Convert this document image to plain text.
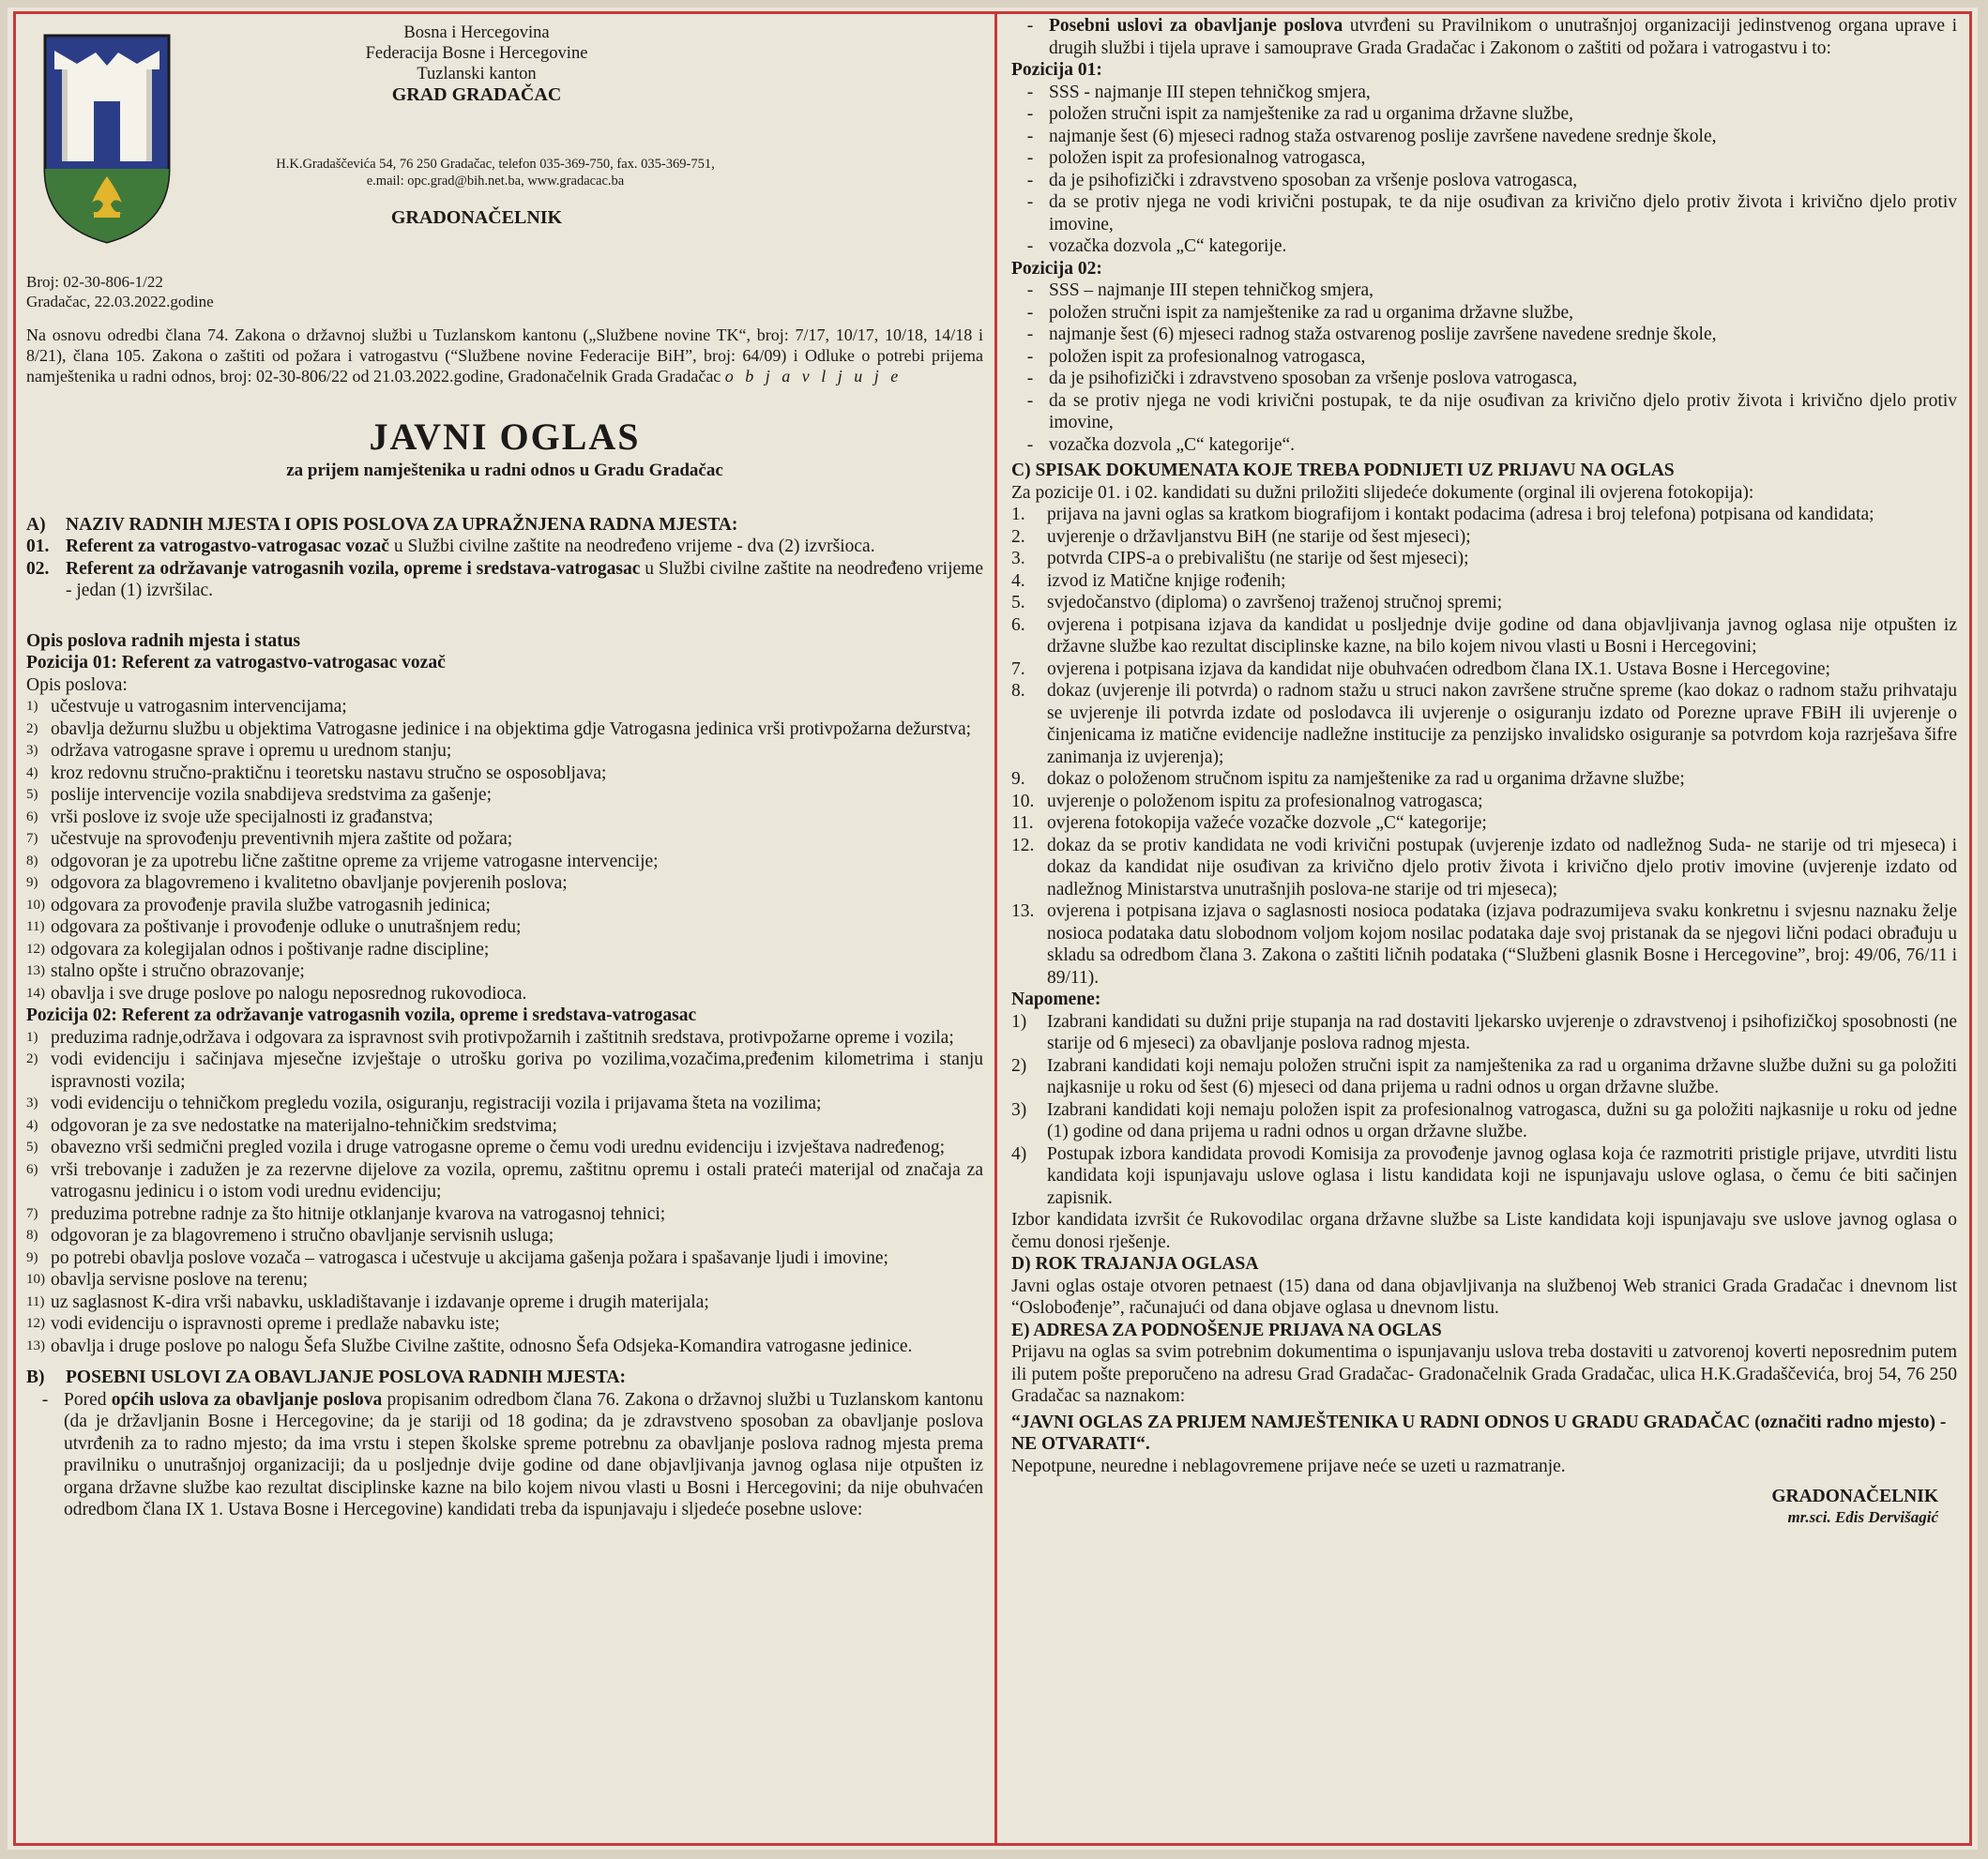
Bosna i Hercegovina
Federacija Bosne i Hercegovine
Tuzlanski kanton
GRAD GRADAČAC
H.K.Gradaščevića 54, 76 250 Gradačac, telefon 035-369-750, fax. 035-369-751,
e.mail: opc.grad@bih.net.ba, www.gradacac.ba
GRADONAČELNIK
Broj: 02-30-806-1/22
Gradačac, 22.03.2022.godine
Na osnovu odredbi člana 74. Zakona o državnoj službi u Tuzlanskom kantonu („Službene novine TK“, broj: 7/17, 10/17, 10/18, 14/18 i 8/21), člana 105. Zakona o zaštiti od požara i vatrogastvu (“Službene novine Federacije BiH”, broj: 64/09) i Odluke o potrebi prijema namještenika u radni odnos, broj: 02-30-806/22 od 21.03.2022.godine, Gradonačelnik Grada Gradačac o b j a v l j u j e
JAVNI OGLAS
za prijem namještenika u radni odnos u Gradu Gradačac
A) NAZIV RADNIH MJESTA I OPIS POSLOVA ZA UPRAŽNJENA RADNA MJESTA:
01. Referent za vatrogastvo-vatrogasac vozač u Službi civilne zaštite na neodređeno vrijeme - dva (2) izvršioca.
02. Referent za održavanje vatrogasnih vozila, opreme i sredstava-vatrogasac u Službi civilne zaštite na neodređeno vrijeme - jedan (1) izvršilac.
Opis poslova radnih mjesta i status
Pozicija 01: Referent za vatrogastvo-vatrogasac vozač
Opis poslova:
1) učestvuje u vatrogasnim intervencijama;
2) obavlja dežurnu službu u objektima Vatrogasne jedinice i na objektima gdje Vatrogasna jedinica vrši protivpožarna dežurstva;
3) održava vatrogasne sprave i opremu u urednom stanju;
4) kroz redovnu stručno-praktičnu i teoretsku nastavu stručno se osposobljava;
5) poslije intervencije vozila snabdijeva sredstvima za gašenje;
6) vrši poslove iz svoje uže specijalnosti iz građanstva;
7) učestvuje na sprovođenju preventivnih mjera zaštite od požara;
8) odgovoran je za upotrebu lične zaštitne opreme za vrijeme vatrogasne intervencije;
9) odgovora za blagovremeno i kvalitetno obavljanje povjerenih poslova;
10) odgovara za provođenje pravila službe vatrogasnih jedinica;
11) odgovara za poštivanje i provođenje odluke o unutrašnjem redu;
12) odgovara za kolegijalan odnos i poštivanje radne discipline;
13) stalno opšte i stručno obrazovanje;
14) obavlja i sve druge poslove po nalogu neposrednog rukovodioca.
Pozicija 02: Referent za održavanje vatrogasnih vozila, opreme i sredstava-vatrogasac
1) preduzima radnje,održava i odgovara za ispravnost svih protivpožarnih i zaštitnih sredstava, protivpožarne opreme i vozila;
2) vodi evidenciju i sačinjava mjesečne izvještaje o utrošku goriva po vozilima,vozačima,pređenim kilometrima i stanju ispravnosti vozila;
3) vodi evidenciju o tehničkom pregledu vozila, osiguranju, registraciji vozila i prijavama šteta na vozilima;
4) odgovoran je za sve nedostatke na materijalno-tehničkim sredstvima;
5) obavezno vrši sedmični pregled vozila i druge vatrogasne opreme o čemu vodi urednu evidenciju i izvještava nadređenog;
6) vrši trebovanje i zadužen je za rezervne dijelove za vozila, opremu, zaštitnu opremu i ostali prateći materijal od značaja za vatrogasnu jedinicu i o istom vodi urednu evidenciju;
7) preduzima potrebne radnje za što hitnije otklanjanje kvarova na vatrogasnoj tehnici;
8) odgovoran je za blagovremeno i stručno obavljanje servisnih usluga;
9) po potrebi obavlja poslove vozača – vatrogasca i učestvuje u akcijama gašenja požara i spašavanje ljudi i imovine;
10) obavlja servisne poslove na terenu;
11) uz saglasnost K-dira vrši nabavku, uskladištavanje i izdavanje opreme i drugih materijala;
12) vodi evidenciju o ispravnosti opreme i predlaže nabavku iste;
13) obavlja i druge poslove po nalogu Šefa Službe Civilne zaštite, odnosno Šefa Odsjeka-Komandira vatrogasne jedinice.
B) POSEBNI USLOVI ZA OBAVLJANJE POSLOVA RADNIH MJESTA:
- Pored općih uslova za obavljanje poslova propisanim odredbom člana 76. Zakona o državnoj službi u Tuzlanskom kantonu (da je državljanin Bosne i Hercegovine; da je stariji od 18 godina; da je zdravstveno sposoban za obavljanje poslova utvrđenih za to radno mjesto; da ima vrstu i stepen školske spreme potrebnu za obavljanje poslova radnog mjesta prema pravilniku o unutrašnjoj organizaciji; da u posljednje dvije godine od dane objavljivanja javnog oglasa nije otpušten iz organa državne službe kao rezultat disciplinske kazne na bilo kojem nivou vlasti u Bosni i Hercegovini; da nije obuhvaćen odredbom člana IX 1. Ustava Bosne i Hercegovine) kandidati treba da ispunjavaju i sljedeće posebne uslove:
- Posebni uslovi za obavljanje poslova utvrđeni su Pravilnikom o unutrašnjoj organizaciji jedinstvenog organa uprave i drugih službi i tijela uprave i samouprave Grada Gradačac i Zakonom o zaštiti od požara i vatrogastvu i to:
Pozicija 01:
- SSS - najmanje III stepen tehničkog smjera,
- položen stručni ispit za namještenike za rad u organima državne službe,
- najmanje šest (6) mjeseci radnog staža ostvarenog poslije završene navedene srednje škole,
- položen ispit za profesionalnog vatrogasca,
- da je psihofizički i zdravstveno sposoban za vršenje poslova vatrogasca,
- da se protiv njega ne vodi krivični postupak, te da nije osuđivan za krivično djelo protiv života i krivično djelo protiv imovine,
- vozačka dozvola „C“ kategorije.
Pozicija 02:
- SSS – najmanje III stepen tehničkog smjera,
- položen stručni ispit za namještenike za rad u organima državne službe,
- najmanje šest (6) mjeseci radnog staža ostvarenog poslije završene navedene srednje škole,
- položen ispit za profesionalnog vatrogasca,
- da je psihofizički i zdravstveno sposoban za vršenje poslova vatrogasca,
- da se protiv njega ne vodi krivični postupak, te da nije osuđivan za krivično djelo protiv života i krivično djelo protiv imovine,
- vozačka dozvola „C“ kategorije“.
C) SPISAK DOKUMENATA KOJE TREBA PODNIJETI UZ PRIJAVU NA OGLAS
Za pozicije 01. i 02. kandidati su dužni priložiti slijedeće dokumente (orginal ili ovjerena fotokopija):
1.	prijava na javni oglas sa kratkom biografijom i kontakt podacima (adresa i broj telefona) potpisana od kandidata;
2.	uvjerenje o državljanstvu BiH (ne starije od šest mjeseci);
3.	potvrda CIPS-a o prebivalištu (ne starije od šest mjeseci);
4.	izvod iz Matične knjige rođenih;
5.	svjedočanstvo (diploma) o završenoj traženoj stručnoj spremi;
6.	ovjerena i potpisana izjava da kandidat u posljednje dvije godine od dana objavljivanja javnog oglasa nije otpušten iz državne službe kao rezultat disciplinske kazne, na bilo kojem nivou vlasti u Bosni i Hercegovini;
7.	ovjerena i potpisana izjava da kandidat nije obuhvaćen odredbom člana IX.1. Ustava Bosne i Hercegovine;
8.	dokaz (uvjerenje ili potvrda) o radnom stažu u struci nakon završene stručne spreme (kao dokaz o radnom stažu prihvataju se uvjerenje ili potvrda izdate od poslodavca ili uvjerenje o osiguranju izdato od Porezne uprave FBiH ili uvjerenje o činjenicama iz matične evidencije nadležne institucije za penzijsko invalidsko osiguranje sa potvrdom koja razrješava šifre zanimanja iz uvjerenja);
9.	dokaz o položenom stručnom ispitu za namještenike za rad u organima državne službe;
10. uvjerenje o položenom ispitu za profesionalnog vatrogasca;
11. ovjerena fotokopija važeće vozačke dozvole „C“ kategorije;
12. dokaz da se protiv kandidata ne vodi krivični postupak (uvjerenje izdato od nadležnog Suda- ne starije od tri mjeseca) i dokaz da kandidat nije osuđivan za krivično djelo protiv života i krivično djelo protiv imovine (uvjerenje izdato od nadležnog Ministarstva unutrašnjih poslova-ne starije od tri mjeseca);
13. ovjerena i potpisana izjava o saglasnosti nosioca podataka (izjava podrazumijeva svaku konkretnu i svjesnu naznaku želje nosioca podataka datu slobodnom voljom kojom nosilac podataka daje svoj pristanak da se njegovi lični podaci obrađuju u skladu sa odredbom člana 3. Zakona o zaštiti ličnih podataka (“Službeni glasnik Bosne i Hercegovine”, broj: 49/06, 76/11 i 89/11).
Napomene:
1)	Izabrani kandidati su dužni prije stupanja na rad dostaviti ljekarsko uvjerenje o zdravstvenoj i psihofizičkoj sposobnosti (ne starije od 6 mjeseci) za obavljanje poslova radnog mjesta.
2)	Izabrani kandidati koji nemaju položen stručni ispit za namještenika za rad u organima državne službe dužni su ga položiti najkasnije u roku od šest (6) mjeseci od dana prijema u radni odnos u organ državne službe.
3)	Izabrani kandidati koji nemaju položen ispit za profesionalnog vatrogasca, dužni su ga položiti najkasnije u roku od jedne (1) godine od dana prijema u radni odnos u organ državne službe.
4)	Postupak izbora kandidata provodi Komisija za provođenje javnog oglasa koja će razmotriti pristigle prijave, utvrditi listu kandidata koji ispunjavaju uslove oglasa i listu kandidata koji ne ispunjavaju uslove oglasa, o čemu će biti sačinjen zapisnik.
Izbor kandidata izvršit će Rukovodilac organa državne službe sa Liste kandidata koji ispunjavaju sve uslove javnog oglasa o čemu donosi rješenje.
D) ROK TRAJANJA OGLASA
Javni oglas ostaje otvoren petnaest (15) dana od dana objavljivanja na službenoj Web stranici Grada Gradačac i dnevnom list “Oslobođenje”, računajući od dana objave oglasa u dnevnom listu.
E) ADRESA ZA PODNOŠENJE PRIJAVA NA OGLAS
Prijavu na oglas sa svim potrebnim dokumentima o ispunjavanju uslova treba dostaviti u zatvorenoj koverti neposrednim putem ili putem pošte preporučeno na adresu Grad Gradačac- Gradonačelnik Grada Gradačac, ulica H.K.Gradaščevića, broj 54, 76 250 Gradačac sa naznakom:
“JAVNI OGLAS ZA PRIJEM NAMJEŠTENIKA U RADNI ODNOS U GRADU GRADAČAC (označiti radno mjesto) - NE OTVARATI“.
Nepotpune, neuredne i neblagovremene prijave neće se uzeti u razmatranje.
GRADONAČELNIK
mr.sci. Edis Dervišagić
